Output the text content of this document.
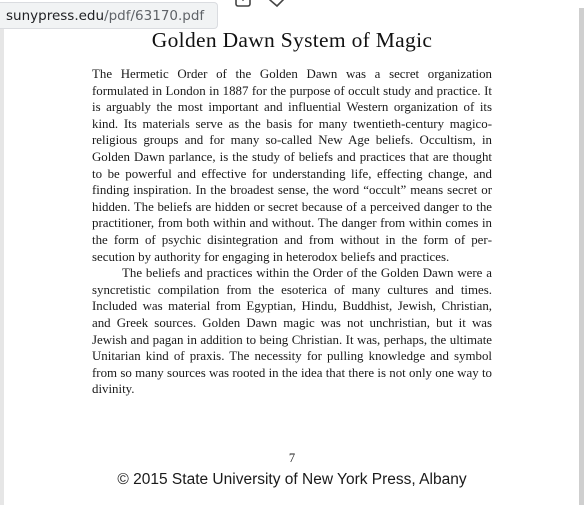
sunypress.edu/pdf/63170.pdf
Golden Dawn System of Magic

The Hermetic Order of the Golden Dawn was a secret organization formulated in London in 1887 for the purpose of occult study and practice. It is arguably the most important and influential Western organization of its kind. Its materials serve as the basis for many twentieth-century magico-religious groups and for many so-called New Age beliefs. Occultism, in Golden Dawn parlance, is the study of beliefs and practices that are thought to be powerful and effective for understanding life, effecting change, and finding inspiration. In the broadest sense, the word “occult” means secret or hidden. The beliefs are hidden or secret because of a perceived danger to the practitioner, from both within and without. The danger from within comes in the form of psychic disintegration and from without in the form of persecution by authority for engaging in heterodox beliefs and practices.

The beliefs and practices within the Order of the Golden Dawn were a syncretistic compilation from the esoterica of many cultures and times. Included was material from Egyptian, Hindu, Buddhist, Jewish, Christian, and Greek sources. Golden Dawn magic was not unchristian, but it was Jewish and pagan in addition to being Christian. It was, perhaps, the ultimate Unitarian kind of praxis. The necessity for pulling knowledge and symbol from so many sources was rooted in the idea that there is not only one way to divinity.

7
© 2015 State University of New York Press, Albany
